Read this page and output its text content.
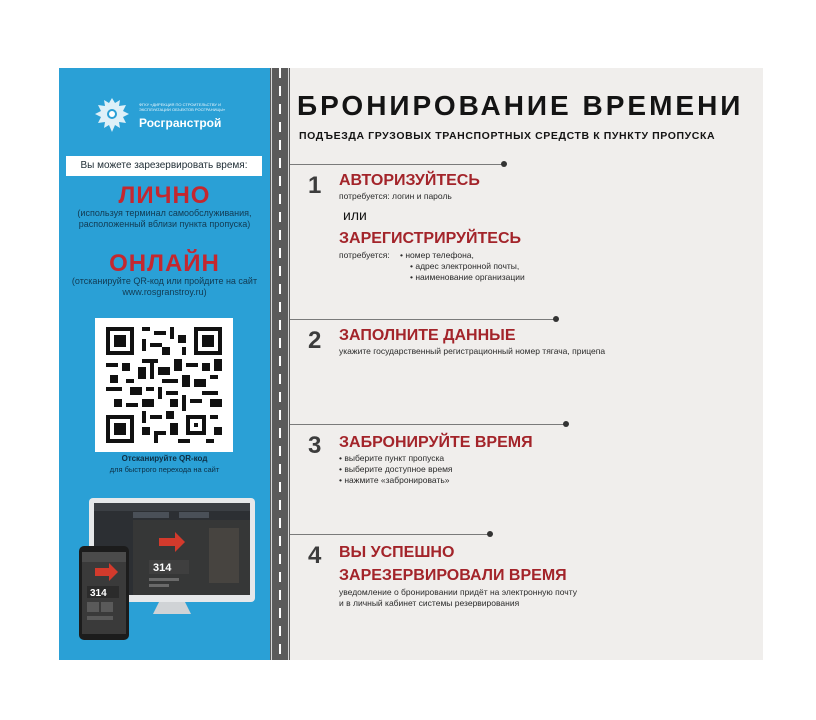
ФГКУ «ДИРЕКЦИЯ ПО СТРОИТЕЛЬСТВУ И ЭКСПЛУАТАЦИИ ОБЪЕКТОВ РОСГРАНИЦЫ»
Росгранстрой
Вы можете зарезервировать время:
ЛИЧНО
(используя терминал самообслуживания, расположенный вблизи пункта пропуска)
ОНЛАЙН
(отсканируйте QR-код или пройдите на сайт www.rosgranstroy.ru)
Отсканируйте QR-код
для быстрого перехода на сайт
314
314
БРОНИРОВАНИЕ ВРЕМЕНИ
ПОДЪЕЗДА ГРУЗОВЫХ ТРАНСПОРТНЫХ СРЕДСТВ К ПУНКТУ ПРОПУСКА
1 АВТОРИЗУЙТЕСЬ
потребуется: логин и пароль
или
ЗАРЕГИСТРИРУЙТЕСЬ
потребуется: • номер телефона,
• адрес электронной почты,
• наименование организации
2 ЗАПОЛНИТЕ ДАННЫЕ
укажите государственный регистрационный номер тягача, прицепа
3 ЗАБРОНИРУЙТЕ ВРЕМЯ
• выберите пункт пропуска
• выберите доступное время
• нажмите «забронировать»
4 ВЫ УСПЕШНО
ЗАРЕЗЕРВИРОВАЛИ ВРЕМЯ
уведомление о бронировании придёт на электронную почту
и в личный кабинет системы резервирования
